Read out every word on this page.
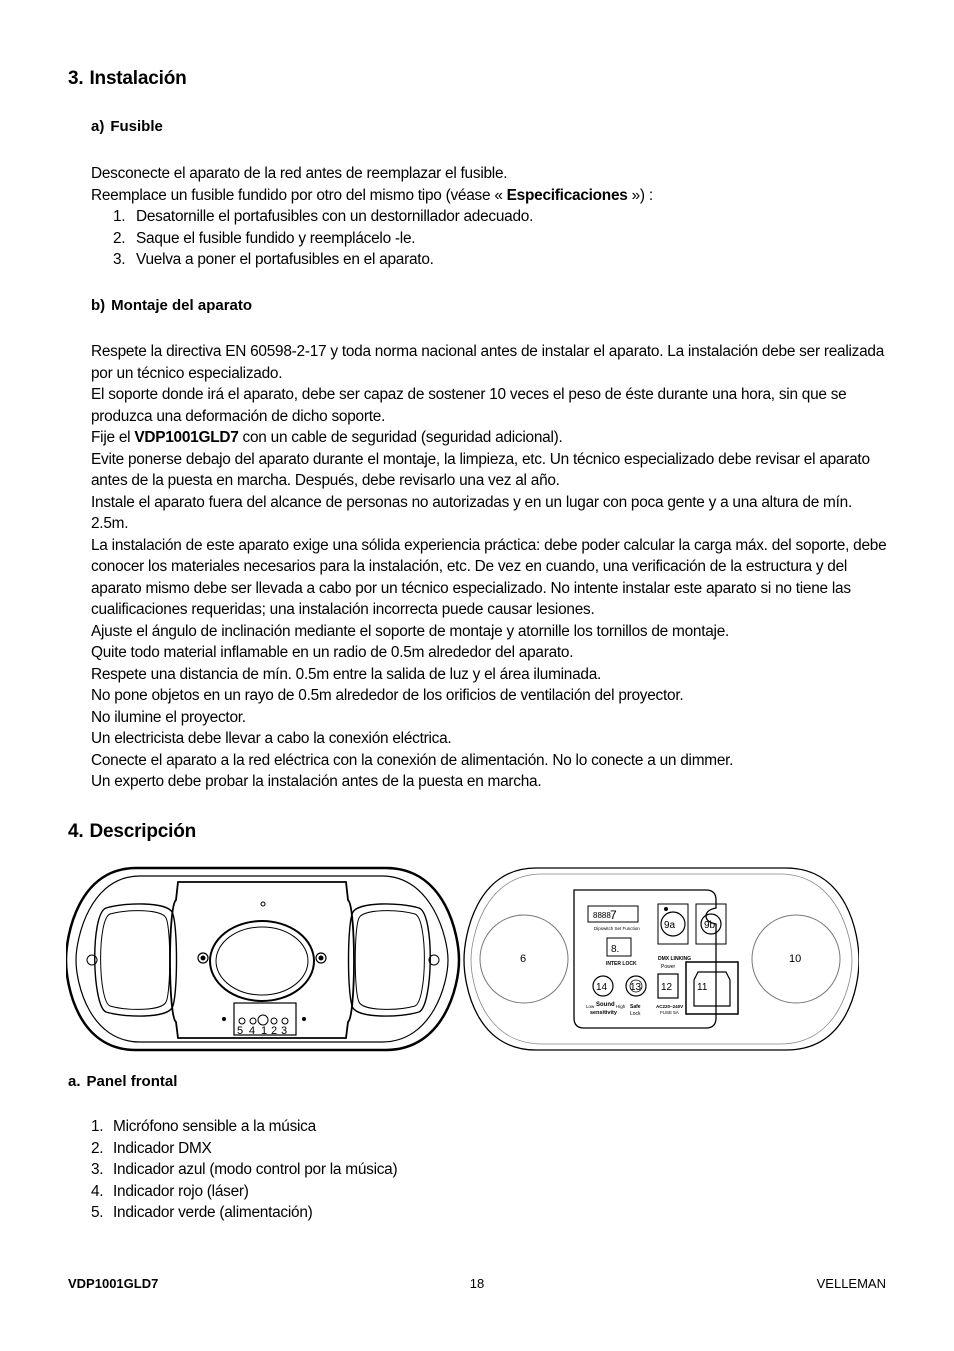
3. Instalación
a) Fusible

Desconecte el aparato de la red antes de reemplazar el fusible.

Reemplace un fusible fundido por otro del mismo tipo (véase « Especificaciones ») :

1. Desatornille el portafusibles con un destornillador adecuado.
2. Saque el fusible fundido y reemplácelo -le.
3. Vuelva a poner el portafusibles en el aparato.
b) Montaje del aparato

Respete la directiva EN 60598-2-17 y toda norma nacional antes de instalar el aparato. La instalación debe ser realizada por un técnico especializado.

El soporte donde irá el aparato, debe ser capaz de sostener 10 veces el peso de éste durante una hora, sin que se produzca una deformación de dicho soporte.

Fije el VDP1001GLD7 con un cable de seguridad (seguridad adicional).

Evite ponerse debajo del aparato durante el montaje, la limpieza, etc. Un técnico especializado debe revisar el aparato antes de la puesta en marcha. Después, debe revisarlo una vez al año.

Instale el aparato fuera del alcance de personas no autorizadas y en un lugar con poca gente y a una altura de mín. 2.5m.

La instalación de este aparato exige una sólida experiencia práctica: debe poder calcular la carga máx. del soporte, debe conocer los materiales necesarios para la instalación, etc. De vez en cuando, una verificación de la estructura y del aparato mismo debe ser llevada a cabo por un técnico especializado. No intente instalar este aparato si no tiene las cualificaciones requeridas; una instalación incorrecta puede causar lesiones.

Ajuste el ángulo de inclinación mediante el soporte de montaje y atornille los tornillos de montaje.

Quite todo material inflamable en un radio de 0.5m alrededor del aparato.

Respete una distancia de mín. 0.5m entre la salida de luz y el área iluminada.

No pone objetos en un rayo de 0.5m alrededor de los orificios de ventilación del proyector.

No ilumine el proyector.

Un electricista debe llevar a cabo la conexión eléctrica.

Conecte el aparato a la red eléctrica con la conexión de alimentación. No lo conecte a un dimmer.

Un experto debe probar la instalación antes de la puesta en marcha.

4. Descripción
5 4 1 2 3
6	10
8888 7
Dipswitch Set Function
8.
INTER LOCK
9a	9b
DMX LINKING
Power
11
12
13
14
Low Sound High
sensitivity
Safe
Lock
AC220~240V
FUSE 5A
a. Panel frontal
1. Micrófono sensible a la música
2. Indicador DMX
3. Indicador azul (modo control por la música)
4. Indicador rojo (láser)
5. Indicador verde (alimentación)
VDP1001GLD7	18	VELLEMAN
